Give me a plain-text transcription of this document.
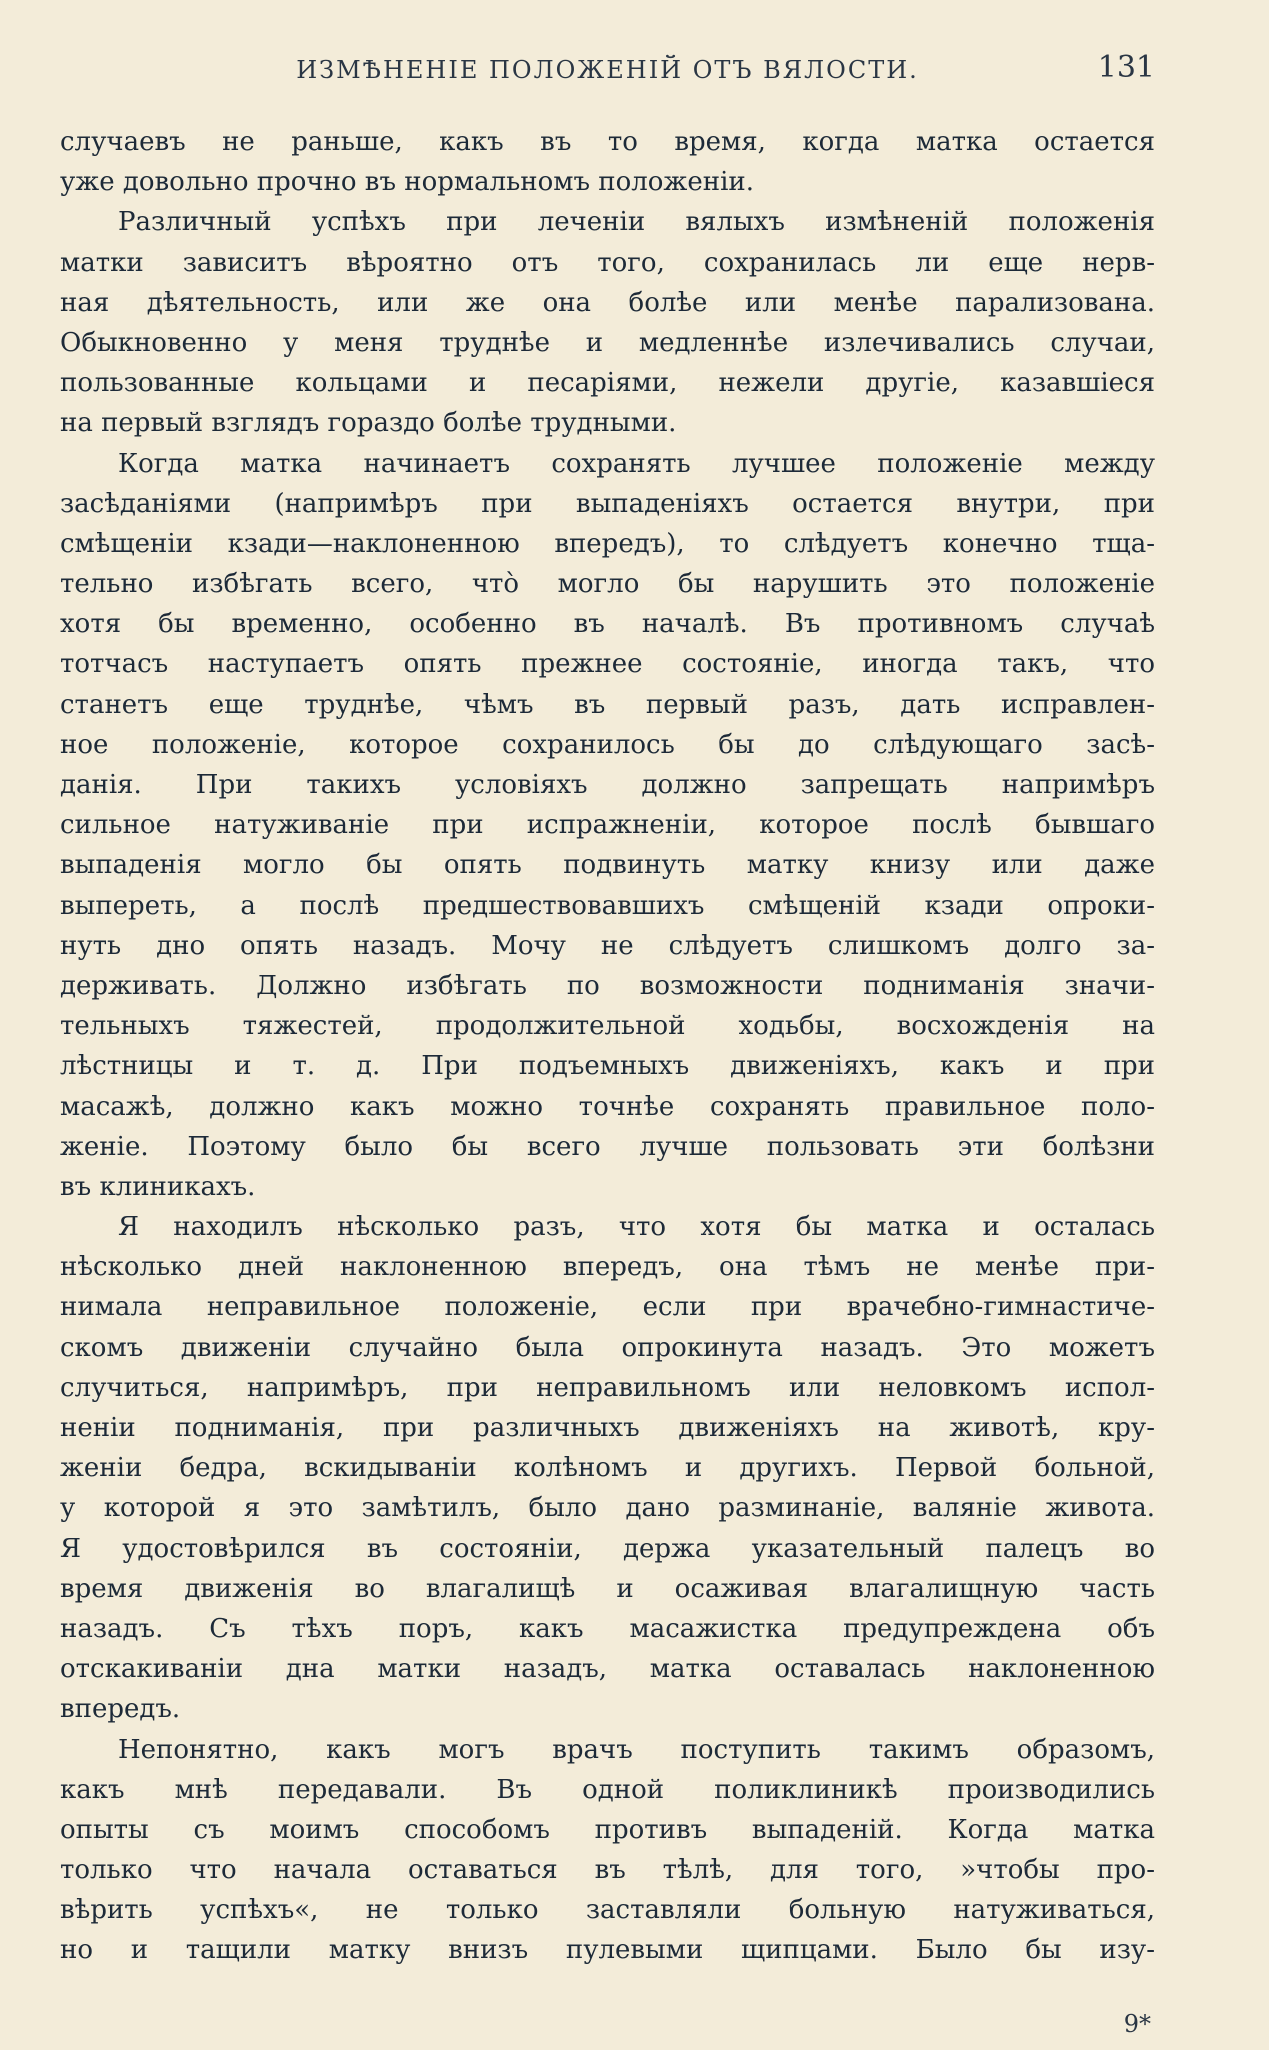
ИЗМѢНЕНІЕ ПОЛОЖЕНІЙ ОТЪ ВЯЛОСТИ.	131
случаевъ не раньше, какъ въ то время, когда матка остается
уже довольно прочно въ нормальномъ положеніи.
Различный успѣхъ при леченіи вялыхъ измѣненій положенія
матки зависитъ вѣроятно отъ того, сохранилась ли еще нерв-
ная дѣятельность, или же она болѣе или менѣе парализована.
Обыкновенно у меня труднѣе и медленнѣе излечивались случаи,
пользованные кольцами и песаріями, нежели другіе, казавшіеся
на первый взглядъ гораздо болѣе трудными.
Когда матка начинаетъ сохранять лучшее положеніе между
засѣданіями (напримѣръ при выпаденіяхъ остается внутри, при
смѣщеніи кзади—наклоненною впередъ), то слѣдуетъ конечно тща-
тельно избѣгать всего, что̀ могло бы нарушить это положеніе
хотя бы временно, особенно въ началѣ. Въ противномъ случаѣ
тотчасъ наступаетъ опять прежнее состояніе, иногда такъ, что
станетъ еще труднѣе, чѣмъ въ первый разъ, дать исправлен-
ное положеніе, которое сохранилось бы до слѣдующаго засѣ-
данія. При такихъ условіяхъ должно запрещать напримѣръ
сильное натуживаніе при испражненіи, которое послѣ бывшаго
выпаденія могло бы опять подвинуть матку книзу или даже
выпереть, а послѣ предшествовавшихъ смѣщеній кзади опроки-
нуть дно опять назадъ. Мочу не слѣдуетъ слишкомъ долго за-
держивать. Должно избѣгать по возможности подниманія значи-
тельныхъ тяжестей, продолжительной ходьбы, восхожденія на
лѣстницы и т. д. При подъемныхъ движеніяхъ, какъ и при
масажѣ, должно какъ можно точнѣе сохранять правильное поло-
женіе. Поэтому было бы всего лучше пользовать эти болѣзни
въ клиникахъ.
Я находилъ нѣсколько разъ, что хотя бы матка и осталась
нѣсколько дней наклоненною впередъ, она тѣмъ не менѣе при-
нимала неправильное положеніе, если при врачебно-гимнастиче-
скомъ движеніи случайно была опрокинута назадъ. Это можетъ
случиться, напримѣръ, при неправильномъ или неловкомъ испол-
неніи подниманія, при различныхъ движеніяхъ на животѣ, кру-
женіи бедра, вскидываніи колѣномъ и другихъ. Первой больной,
у которой я это замѣтилъ, было дано разминаніе, валяніе живота.
Я удостовѣрился въ состояніи, держа указательный палецъ во
время движенія во влагалищѣ и осаживая влагалищную часть
назадъ. Съ тѣхъ поръ, какъ масажистка предупреждена объ
отскакиваніи дна матки назадъ, матка оставалась наклоненною
впередъ.
Непонятно, какъ могъ врачъ поступить такимъ образомъ,
какъ мнѣ передавали. Въ одной поликлиникѣ производились
опыты съ моимъ способомъ противъ выпаденій. Когда матка
только что начала оставаться въ тѣлѣ, для того, »чтобы про-
вѣрить успѣхъ«, не только заставляли больную натуживаться,
но и тащили матку внизъ пулевыми щипцами. Было бы изу-
9*
